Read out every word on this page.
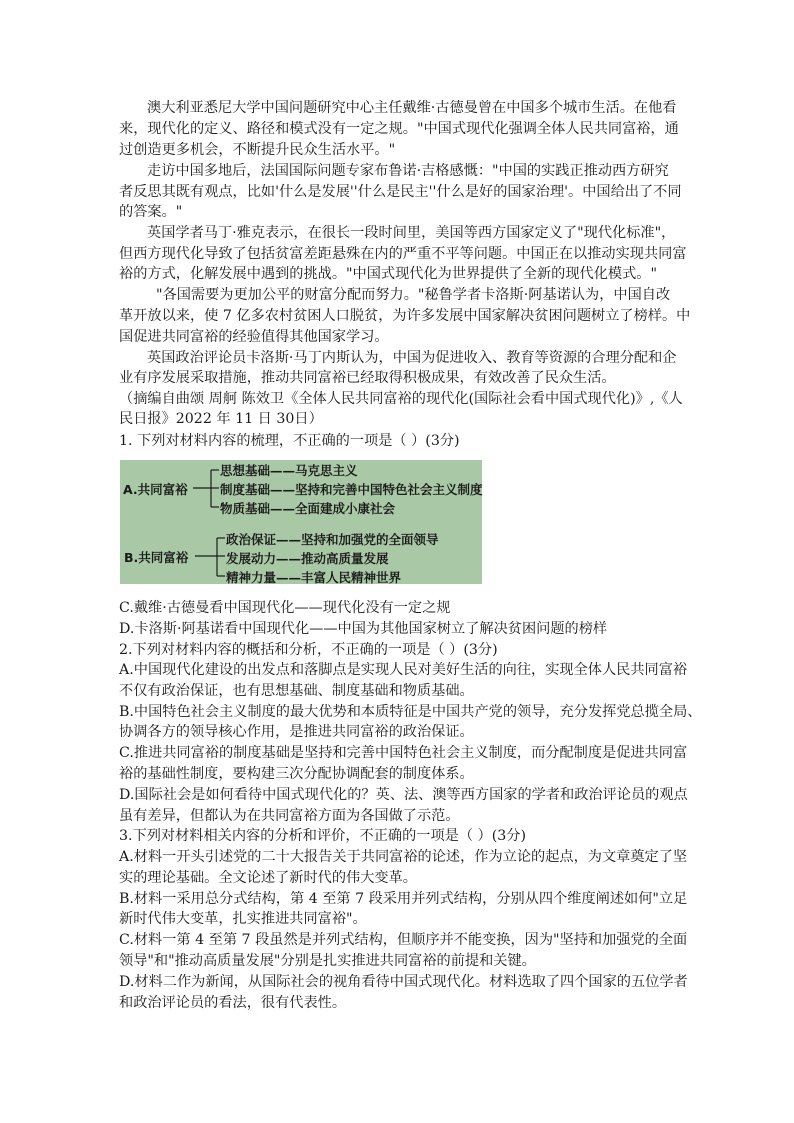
澳大利亚悉尼大学中国问题研究中心主任戴维·古德曼曾在中国多个城市生活。在他看
来，现代化的定义、路径和模式没有一定之规。"中国式现代化强调全体人民共同富裕，通
过创造更多机会，不断提升民众生活水平。"
走访中国多地后，法国国际问题专家布鲁诺·吉格感慨："中国的实践正推动西方研究
者反思其既有观点，比如'什么是发展''什么是民主''什么是好的国家治理'。中国给出了不同
的答案。"
英国学者马丁·雅克表示，在很长一段时间里，美国等西方国家定义了"现代化标准"，
但西方现代化导致了包括贫富差距悬殊在内的严重不平等问题。中国正在以推动实现共同富
裕的方式，化解发展中遇到的挑战。"中国式现代化为世界提供了全新的现代化模式。"
"各国需要为更加公平的财富分配而努力。"秘鲁学者卡洛斯·阿基诺认为，中国自改
革开放以来，使 7 亿多农村贫困人口脱贫，为许多发展中国家解决贫困问题树立了榜样。中
国促进共同富裕的经验值得其他国家学习。
英国政治评论员卡洛斯·马丁内斯认为，中国为促进收入、教育等资源的合理分配和企
业有序发展采取措施，推动共同富裕已经取得积极成果，有效改善了民众生活。
（摘编自曲颂 周舸 陈效卫《全体人民共同富裕的现代化(国际社会看中国式现代化)》,《人
民日报》2022 年 11 日 30日）
1. 下列对材料内容的梳理，不正确的一项是（ ）(3分)
A.共同富裕
思想基础——马克思主义
制度基础——坚持和完善中国特色社会主义制度
物质基础——全面建成小康社会
B.共同富裕
政治保证——坚持和加强党的全面领导
发展动力——推动高质量发展
精神力量——丰富人民精神世界
C.戴维·古德曼看中国现代化——现代化没有一定之规
D.卡洛斯·阿基诺看中国现代化——中国为其他国家树立了解决贫困问题的榜样
2.下列对材料内容的概括和分析，不正确的一项是（ ）(3分)
A.中国现代化建设的出发点和落脚点是实现人民对美好生活的向往，实现全体人民共同富裕
不仅有政治保证，也有思想基础、制度基础和物质基础。
B.中国特色社会主义制度的最大优势和本质特征是中国共产党的领导，充分发挥党总揽全局、
协调各方的领导核心作用，是推进共同富裕的政治保证。
C.推进共同富裕的制度基础是坚持和完善中国特色社会主义制度，而分配制度是促进共同富
裕的基础性制度，要构建三次分配协调配套的制度体系。
D.国际社会是如何看待中国式现代化的？英、法、澳等西方国家的学者和政治评论员的观点
虽有差异，但都认为在共同富裕方面为各国做了示范。
3.下列对材料相关内容的分析和评价，不正确的一项是（ ）(3分)
A.材料一开头引述党的二十大报告关于共同富裕的论述，作为立论的起点，为文章奠定了坚
实的理论基础。全文论述了新时代的伟大变革。
B.材料一采用总分式结构，第 4 至第 7 段采用并列式结构，分别从四个维度阐述如何"立足
新时代伟大变革，扎实推进共同富裕"。
C.材料一第 4 至第 7 段虽然是并列式结构，但顺序并不能变换，因为"坚持和加强党的全面
领导"和"推动高质量发展"分别是扎实推进共同富裕的前提和关键。
D.材料二作为新闻，从国际社会的视角看待中国式现代化。材料选取了四个国家的五位学者
和政治评论员的看法，很有代表性。
